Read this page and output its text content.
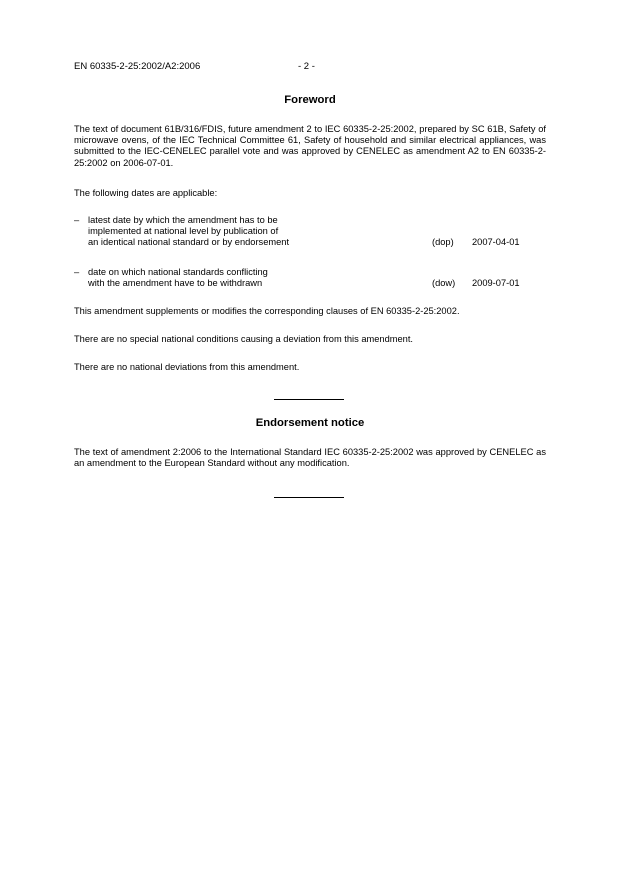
EN 60335-2-25:2002/A2:2006	- 2 -
Foreword
The text of document 61B/316/FDIS, future amendment 2 to IEC 60335-2-25:2002, prepared by SC 61B, Safety of microwave ovens, of the IEC Technical Committee 61, Safety of household and similar electrical appliances, was submitted to the IEC-CENELEC parallel vote and was approved by CENELEC as amendment A2 to EN 60335-2-25:2002 on 2006-07-01.
The following dates are applicable:
– latest date by which the amendment has to be
implemented at national level by publication of
an identical national standard or by endorsement	(dop) 2007-04-01
– date on which national standards conflicting
with the amendment have to be withdrawn	(dow) 2009-07-01
This amendment supplements or modifies the corresponding clauses of EN 60335-2-25:2002.
There are no special national conditions causing a deviation from this amendment.
There are no national deviations from this amendment.
Endorsement notice
The text of amendment 2:2006 to the International Standard IEC 60335-2-25:2002 was approved by CENELEC as an amendment to the European Standard without any modification.
